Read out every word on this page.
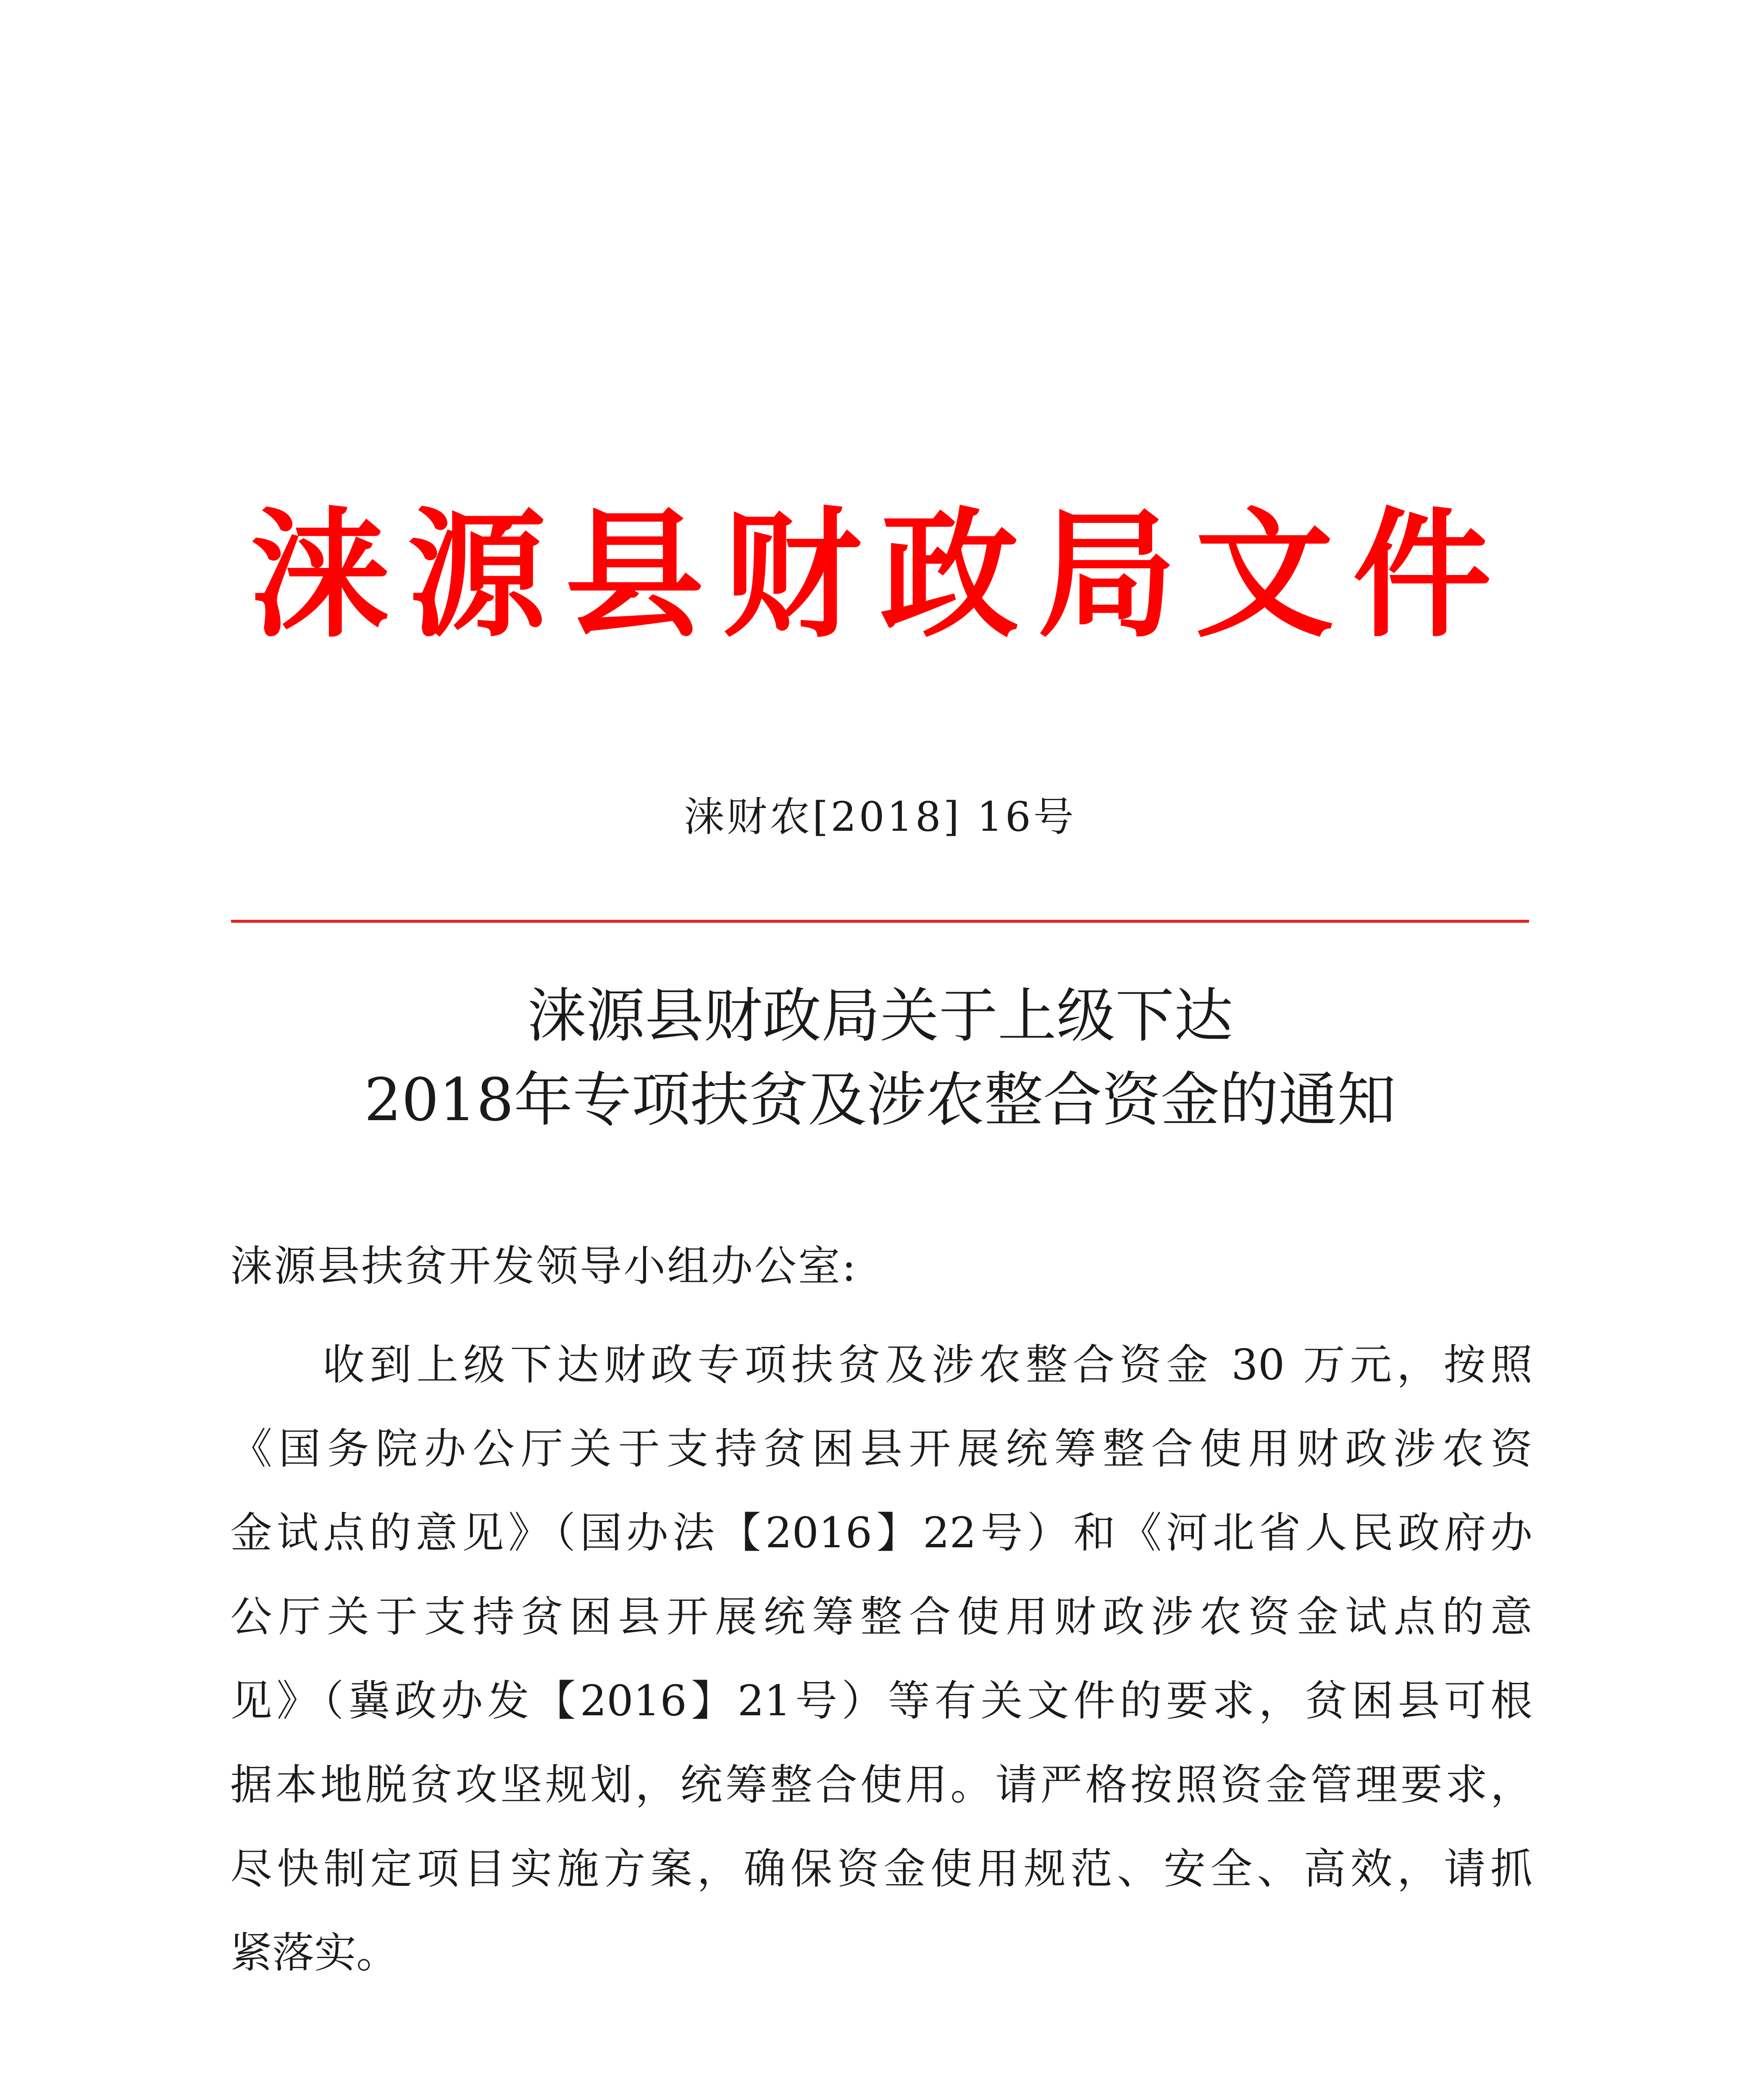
涞源县财政局文件
涞财农[2018] 16号
涞源县财政局关于上级下达
2018年专项扶贫及涉农整合资金的通知
涞源县扶贫开发领导小组办公室:
收到上级下达财政专项扶贫及涉农整合资金 30 万元，按照
《国务院办公厅关于支持贫困县开展统筹整合使用财政涉农资
金试点的意见》（国办法【2016】22号）和《河北省人民政府办
公厅关于支持贫困县开展统筹整合使用财政涉农资金试点的意
见》（冀政办发【2016】21号）等有关文件的要求，贫困县可根
据本地脱贫攻坚规划，统筹整合使用。请严格按照资金管理要求，
尽快制定项目实施方案，确保资金使用规范、安全、高效，请抓
紧落实。
